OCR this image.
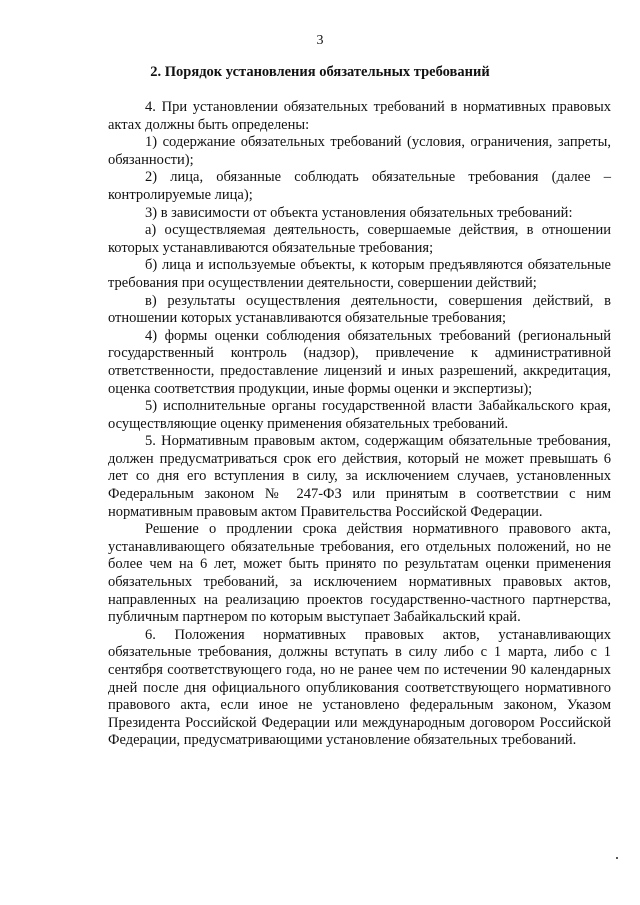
3
2. Порядок установления обязательных требований

4. При установлении обязательных требований в нормативных правовых актах должны быть определены:

1) содержание обязательных требований (условия, ограничения, запреты, обязанности);

2) лица, обязанные соблюдать обязательные требования (далее – контролируемые лица);

3) в зависимости от объекта установления обязательных требований:

а) осуществляемая деятельность, совершаемые действия, в отношении которых устанавливаются обязательные требования;

б) лица и используемые объекты, к которым предъявляются обязательные требования при осуществлении деятельности, совершении действий;

в) результаты осуществления деятельности, совершения действий, в отношении которых устанавливаются обязательные требования;

4) формы оценки соблюдения обязательных требований (региональный государственный контроль (надзор), привлечение к административной ответственности, предоставление лицензий и иных разрешений, аккредитация, оценка соответствия продукции, иные формы оценки и экспертизы);

5) исполнительные органы государственной власти Забайкальского края, осуществляющие оценку применения обязательных требований.

5. Нормативным правовым актом, содержащим обязательные требования, должен предусматриваться срок его действия, который не может превышать 6 лет со дня его вступления в силу, за исключением случаев, установленных Федеральным законом № 247-ФЗ или принятым в соответствии с ним нормативным правовым актом Правительства Российской Федерации.

Решение о продлении срока действия нормативного правового акта, устанавливающего обязательные требования, его отдельных положений, но не более чем на 6 лет, может быть принято по результатам оценки применения обязательных требований, за исключением нормативных правовых актов, направленных на реализацию проектов государственно-частного партнерства, публичным партнером по которым выступает Забайкальский край.

6. Положения нормативных правовых актов, устанавливающих обязательные требования, должны вступать в силу либо с 1 марта, либо с 1 сентября соответствующего года, но не ранее чем по истечении 90 календарных дней после дня официального опубликования соответствующего нормативного правового акта, если иное не установлено федеральным законом, Указом Президента Российской Федерации или международным договором Российской Федерации, предусматривающими установление обязательных требований.
